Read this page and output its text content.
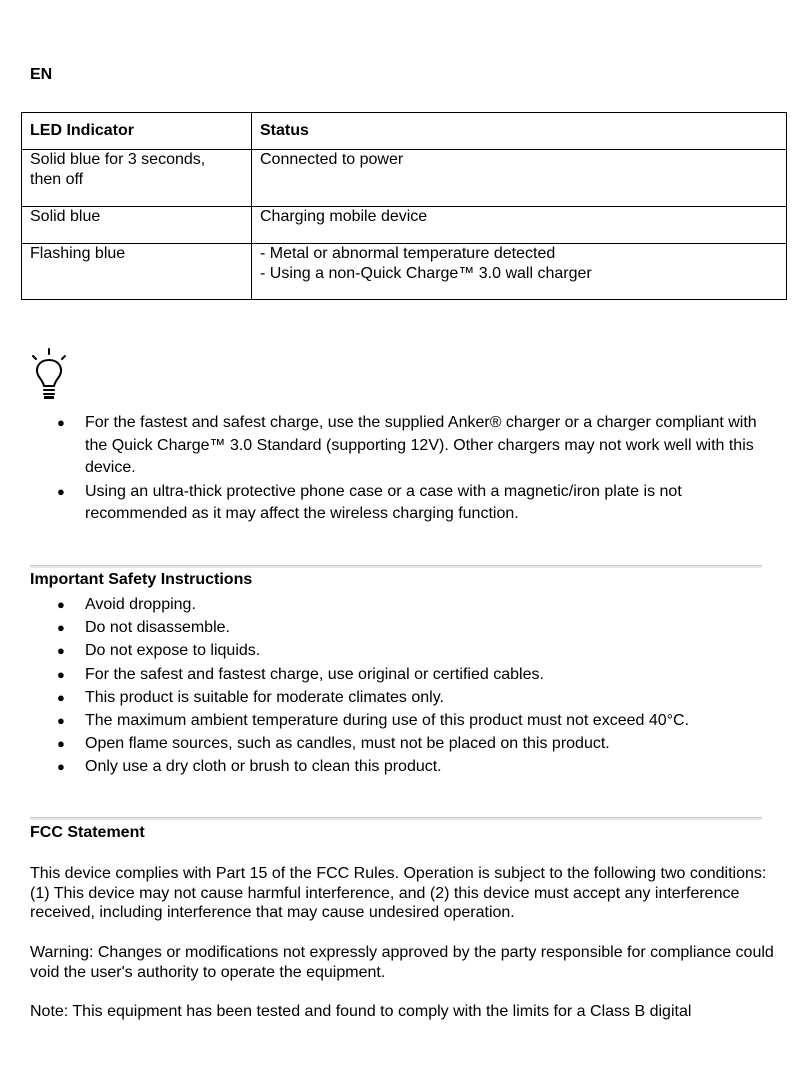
EN
LED Indicator	Status

Solid blue for 3 seconds,
then off	Connected to power

Solid blue	Charging mobile device

Flashing blue	- Metal or abnormal temperature detected
- Using a non-Quick Charge™ 3.0 wall charger
● For the fastest and safest charge, use the supplied Anker® charger or a charger compliant with the Quick Charge™ 3.0 Standard (supporting 12V). Other chargers may not work well with this device.
● Using an ultra-thick protective phone case or a case with a magnetic/iron plate is not recommended as it may affect the wireless charging function.
Important Safety Instructions
● Avoid dropping.
● Do not disassemble.
● Do not expose to liquids.
● For the safest and fastest charge, use original or certified cables.
● This product is suitable for moderate climates only.
● The maximum ambient temperature during use of this product must not exceed 40°C.
● Open flame sources, such as candles, must not be placed on this product.
● Only use a dry cloth or brush to clean this product.
FCC Statement

This device complies with Part 15 of the FCC Rules. Operation is subject to the following two conditions: (1) This device may not cause harmful interference, and (2) this device must accept any interference received, including interference that may cause undesired operation.

Warning: Changes or modifications not expressly approved by the party responsible for compliance could void the user's authority to operate the equipment.

Note: This equipment has been tested and found to comply with the limits for a Class B digital
